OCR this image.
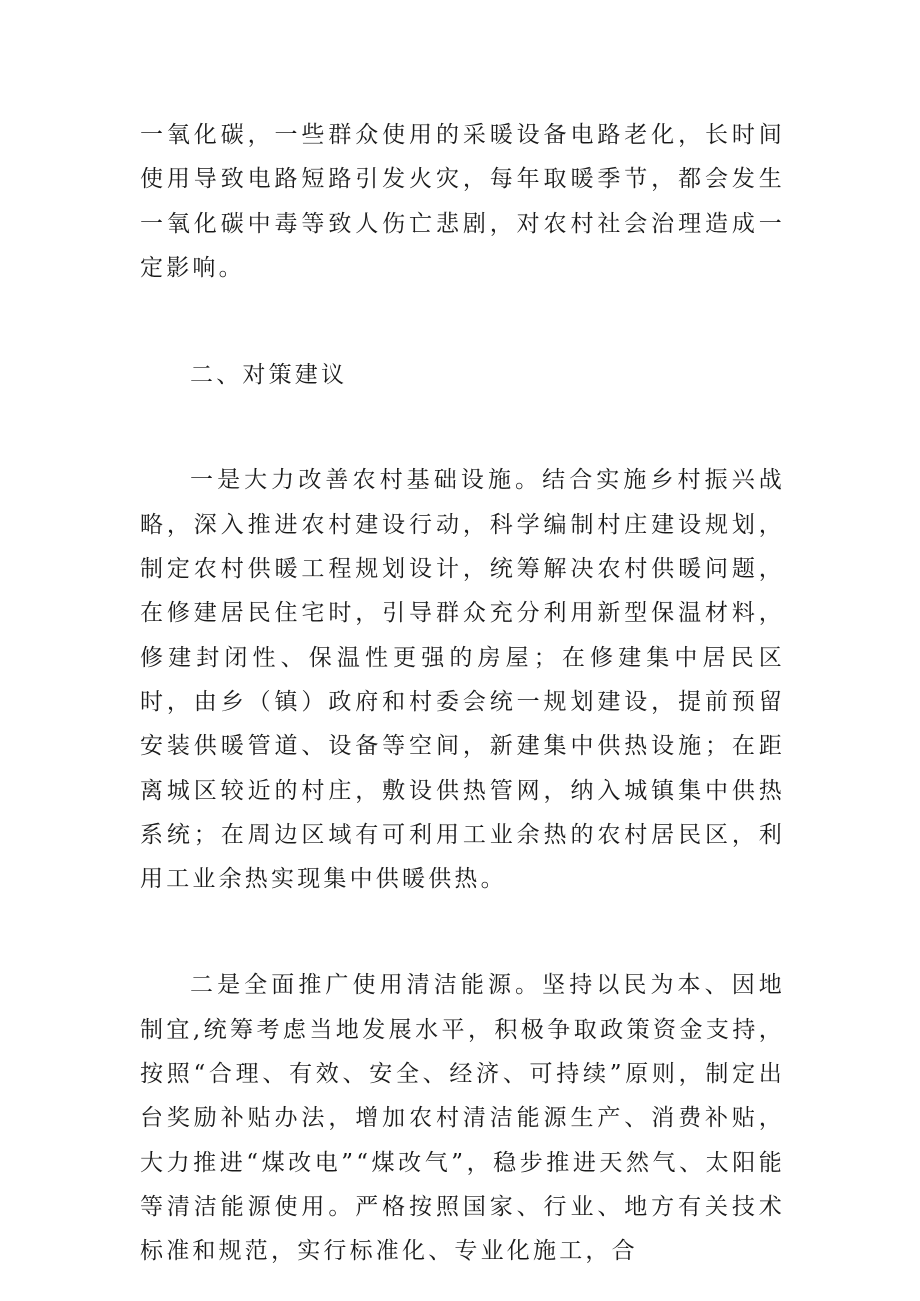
一氧化碳，一些群众使用的采暖设备电路老化，长时间使用导致电路短路引发火灾，每年取暖季节，都会发生一氧化碳中毒等致人伤亡悲剧，对农村社会治理造成一定影响。

二、对策建议

一是大力改善农村基础设施。结合实施乡村振兴战略，深入推进农村建设行动，科学编制村庄建设规划，制定农村供暖工程规划设计，统筹解决农村供暖问题，在修建居民住宅时，引导群众充分利用新型保温材料，修建封闭性、保温性更强的房屋；在修建集中居民区时，由乡（镇）政府和村委会统一规划建设，提前预留安装供暖管道、设备等空间，新建集中供热设施；在距离城区较近的村庄，敷设供热管网，纳入城镇集中供热系统；在周边区域有可利用工业余热的农村居民区，利用工业余热实现集中供暖供热。

二是全面推广使用清洁能源。坚持以民为本、因地制宜,统筹考虑当地发展水平，积极争取政策资金支持，按照“合理、有效、安全、经济、可持续”原则，制定出台奖励补贴办法，增加农村清洁能源生产、消费补贴，大力推进“煤改电”“煤改气”，稳步推进天然气、太阳能等清洁能源使用。严格按照国家、行业、地方有关技术标准和规范，实行标准化、专业化施工，合
